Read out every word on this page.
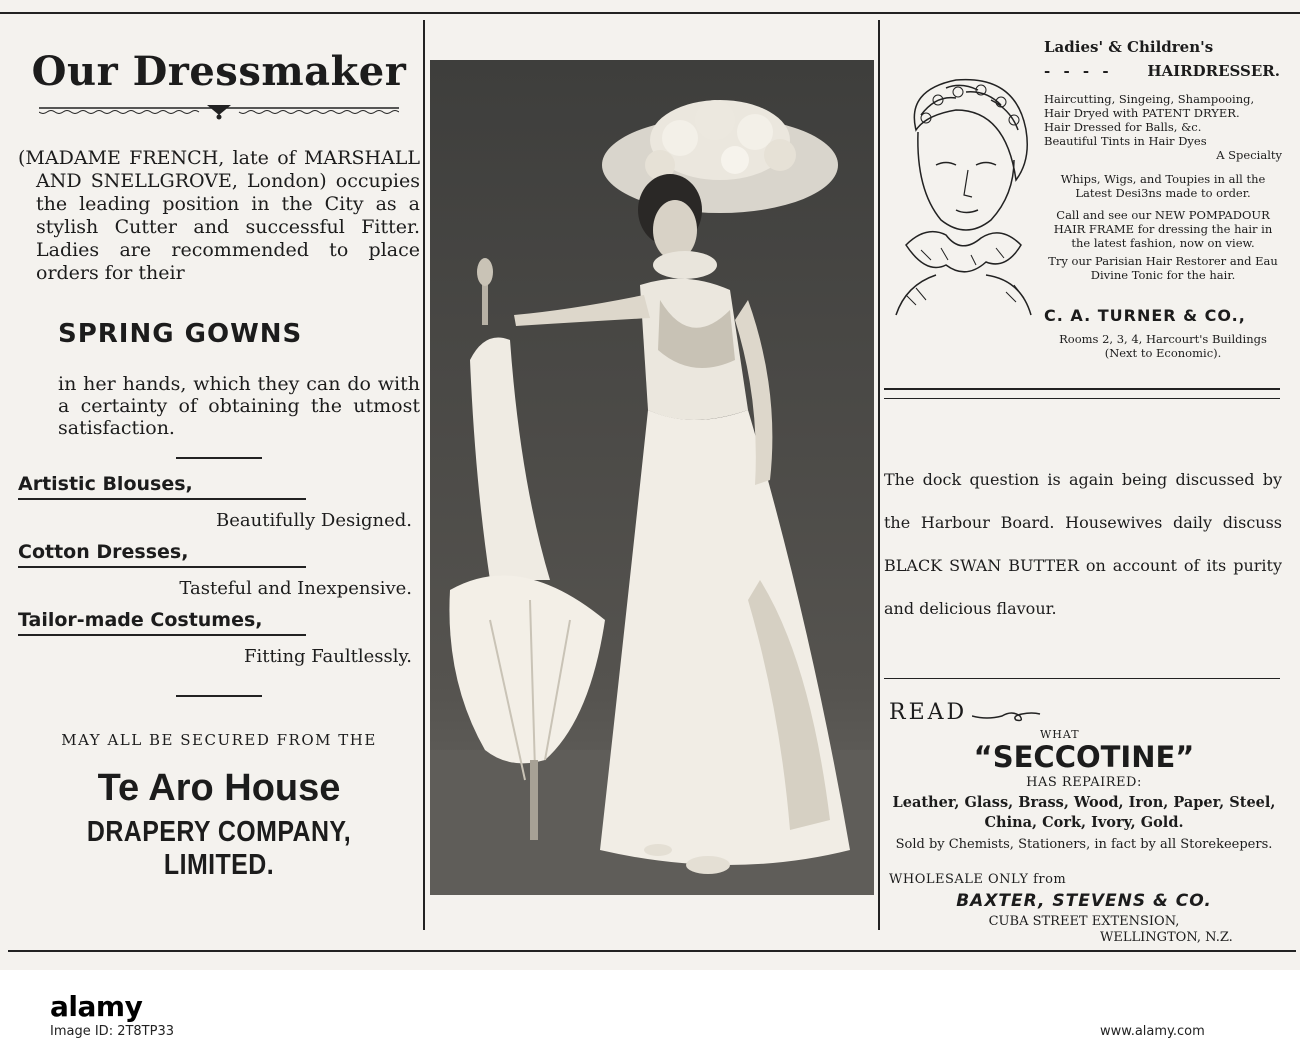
Our Dressmaker
(MADAME FRENCH, late of MARSHALL
AND SNELLGROVE, London) occupies the leading position in the City as a stylish Cutter and successful Fitter. Ladies are recommended to place orders for their
SPRING GOWNS
in her hands, which they can do with a certainty of obtaining the utmost satisfaction.
Artistic Blouses,
Beautifully Designed.
Cotton Dresses,
Tasteful and Inexpensive.
Tailor-made Costumes,
Fitting Faultlessly.
MAY ALL BE SECURED FROM THE
Te Aro House
DRAPERY COMPANY, LIMITED.
Ladies' & Children's
- - - - HAIRDRESSER.

Haircutting, Singeing, Shampooing,

Hair Dryed with PATENT DRYER.

Hair Dressed for Balls, &c.

Beautiful Tints in Hair Dyes

A Specialty

Whips, Wigs, and Toupies in all the Latest Desi3ns made to order.

Call and see our NEW POMPADOUR HAIR FRAME for dressing the hair in the latest fashion, now on view.

Try our Parisian Hair Restorer and Eau Divine Tonic for the hair.

C. A. TURNER & CO.,
Rooms 2, 3, 4, Harcourt's Buildings (Next to Economic).
The dock question is again being discussed by the Harbour Board. Housewives daily discuss BLACK SWAN BUTTER on account of its purity and delicious flavour.
READ
WHAT
“SECCOTINE”
HAS REPAIRED:
Leather, Glass, Brass, Wood, Iron, Paper, Steel, China, Cork, Ivory, Gold.
Sold by Chemists, Stationers, in fact by all Storekeepers.
WHOLESALE ONLY from
BAXTER, STEVENS & CO.
CUBA STREET EXTENSION,
WELLINGTON, N.Z.
alamy
Image ID: 2T8TP33	www.alamy.com
